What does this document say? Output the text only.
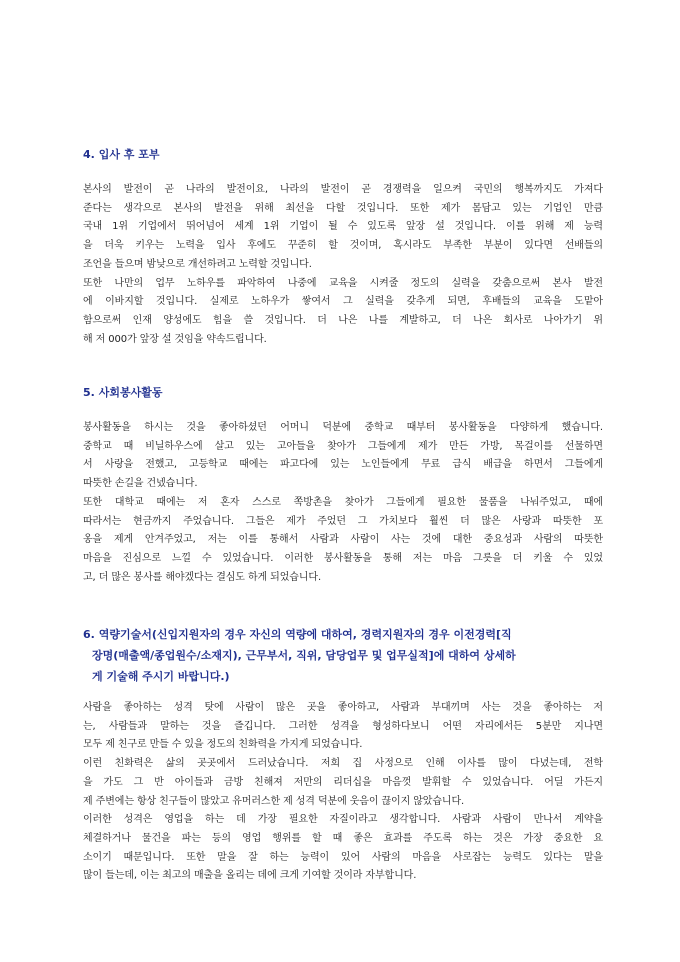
4. 입사 후 포부
본사의 발전이 곧 나라의 발전이요, 나라의 발전이 곧 경쟁력을 일으켜 국민의 행복까지도 가져다
준다는 생각으로 본사의 발전을 위해 최선을 다할 것입니다. 또한 제가 몸담고 있는 기업인 만큼
국내 1위 기업에서 뛰어넘어 세계 1위 기업이 될 수 있도록 앞장 설 것입니다. 이를 위해 제 능력
을 더욱 키우는 노력을 입사 후에도 꾸준히 할 것이며, 혹시라도 부족한 부분이 있다면 선배들의
조언을 들으며 밤낮으로 개선하려고 노력할 것입니다.
또한 나만의 업무 노하우를 파악하여 나중에 교육을 시켜줄 정도의 실력을 갖춤으로써 본사 발전
에 이바지할 것입니다. 실제로 노하우가 쌓여서 그 실력을 갖추게 되면, 후배들의 교육을 도맡아
함으로써 인재 양성에도 힘을 쓸 것입니다. 더 나은 나를 계발하고, 더 나은 회사로 나아가기 위
해 저 000가 앞장 설 것임을 약속드립니다.
5. 사회봉사활동
봉사활동을 하시는 것을 좋아하셨던 어머니 덕분에 중학교 때부터 봉사활동을 다양하게 했습니다.
중학교 때 비닐하우스에 살고 있는 고아들을 찾아가 그들에게 제가 만든 가방, 목걸이를 선물하면
서 사랑을 전했고, 고등학교 때에는 파고다에 있는 노인들에게 무료 급식 배급을 하면서 그들에게
따뜻한 손길을 건넸습니다.
또한 대학교 때에는 저 혼자 스스로 쪽방촌을 찾아가 그들에게 필요한 물품을 나눠주었고, 때에
따라서는 현금까지 주었습니다. 그들은 제가 주었던 그 가치보다 훨씬 더 많은 사랑과 따뜻한 포
옹을 제게 안겨주었고, 저는 이를 통해서 사람과 사람이 사는 것에 대한 중요성과 사람의 따뜻한
마음을 진심으로 느낄 수 있었습니다. 이러한 봉사활동을 통해 저는 마음 그릇을 더 키울 수 있었
고, 더 많은 봉사를 해야겠다는 결심도 하게 되었습니다.
6. 역량기술서(신입지원자의 경우 자신의 역량에 대하여, 경력지원자의 경우 이전경력[직
장명(매출액/종업원수/소재지), 근무부서, 직위, 담당업무 및 업무실적]에 대하여 상세하
게 기술해 주시기 바랍니다.)
사람을 좋아하는 성격 탓에 사람이 많은 곳을 좋아하고, 사람과 부대끼며 사는 것을 좋아하는 저
는, 사람들과 말하는 것을 즐깁니다. 그러한 성격을 형성하다보니 어떤 자리에서든 5분만 지나면
모두 제 친구로 만들 수 있을 정도의 친화력을 가지게 되었습니다.
이런 친화력은 삶의 곳곳에서 드러났습니다. 저희 집 사정으로 인해 이사를 많이 다녔는데, 전학
을 가도 그 반 아이들과 금방 친해져 저만의 리더십을 마음껏 발휘할 수 있었습니다. 어딜 가든지
제 주변에는 항상 친구들이 많았고 유머러스한 제 성격 덕분에 웃음이 끊이지 않았습니다.
이러한 성격은 영업을 하는 데 가장 필요한 자질이라고 생각합니다. 사람과 사람이 만나서 계약을
체결하거나 물건을 파는 등의 영업 행위를 할 때 좋은 효과를 주도록 하는 것은 가장 중요한 요
소이기 때문입니다. 또한 말을 잘 하는 능력이 있어 사람의 마음을 사로잡는 능력도 있다는 말을
많이 들는데, 이는 최고의 매출을 올리는 데에 크게 기여할 것이라 자부합니다.
